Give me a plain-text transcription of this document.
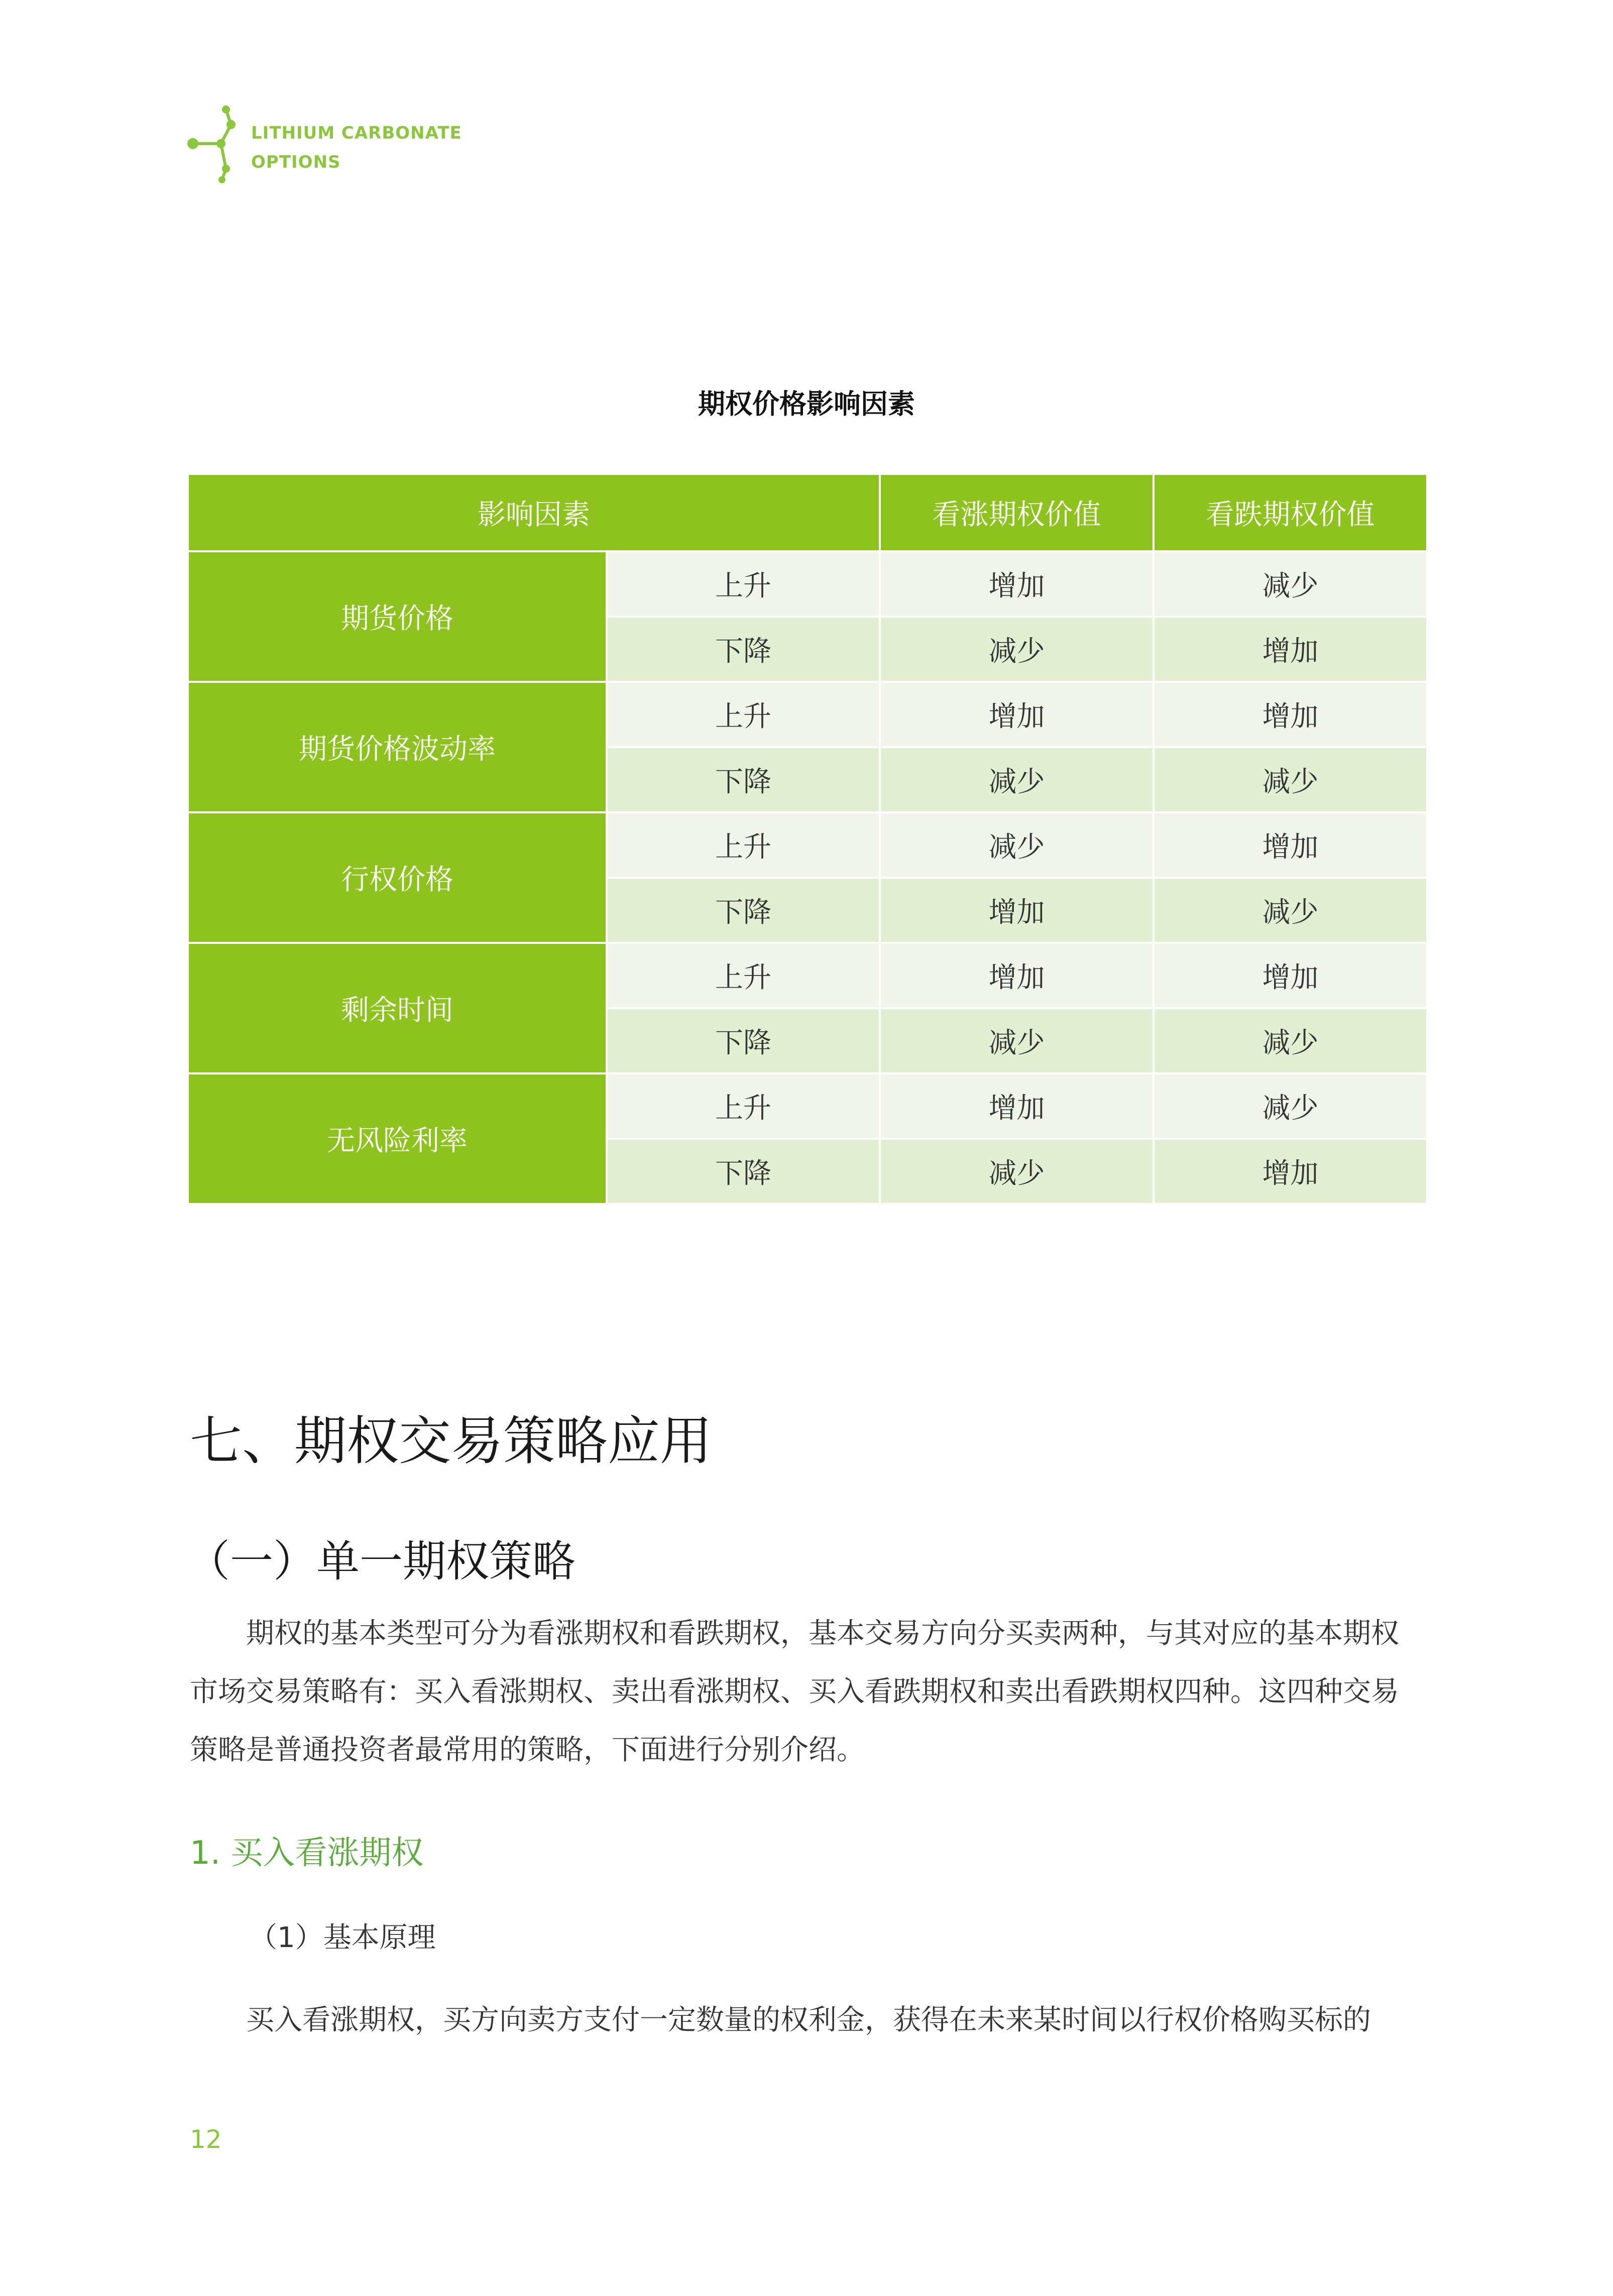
LITHIUM CARBONATE
OPTIONS
期权价格影响因素
影响因素		看涨期权价值	看跌期权价值
期货价格	上升	增加	减少
	下降	减少	增加
期货价格波动率	上升	增加	增加
	下降	减少	减少
行权价格	上升	减少	增加
	下降	增加	减少
剩余时间	上升	增加	增加
	下降	减少	减少
无风险利率	上升	增加	减少
	下降	减少	增加
七、期权交易策略应用
（一）单一期权策略

期权的基本类型可分为看涨期权和看跌期权，基本交易方向分买卖两种，与其对应的基本期权市场交易策略有：买入看涨期权、卖出看涨期权、买入看跌期权和卖出看跌期权四种。这四种交易策略是普通投资者最常用的策略，下面进行分别介绍。

1. 买入看涨期权
（1）基本原理

买入看涨期权，买方向卖方支付一定数量的权利金，获得在未来某时间以行权价格购买标的

12
